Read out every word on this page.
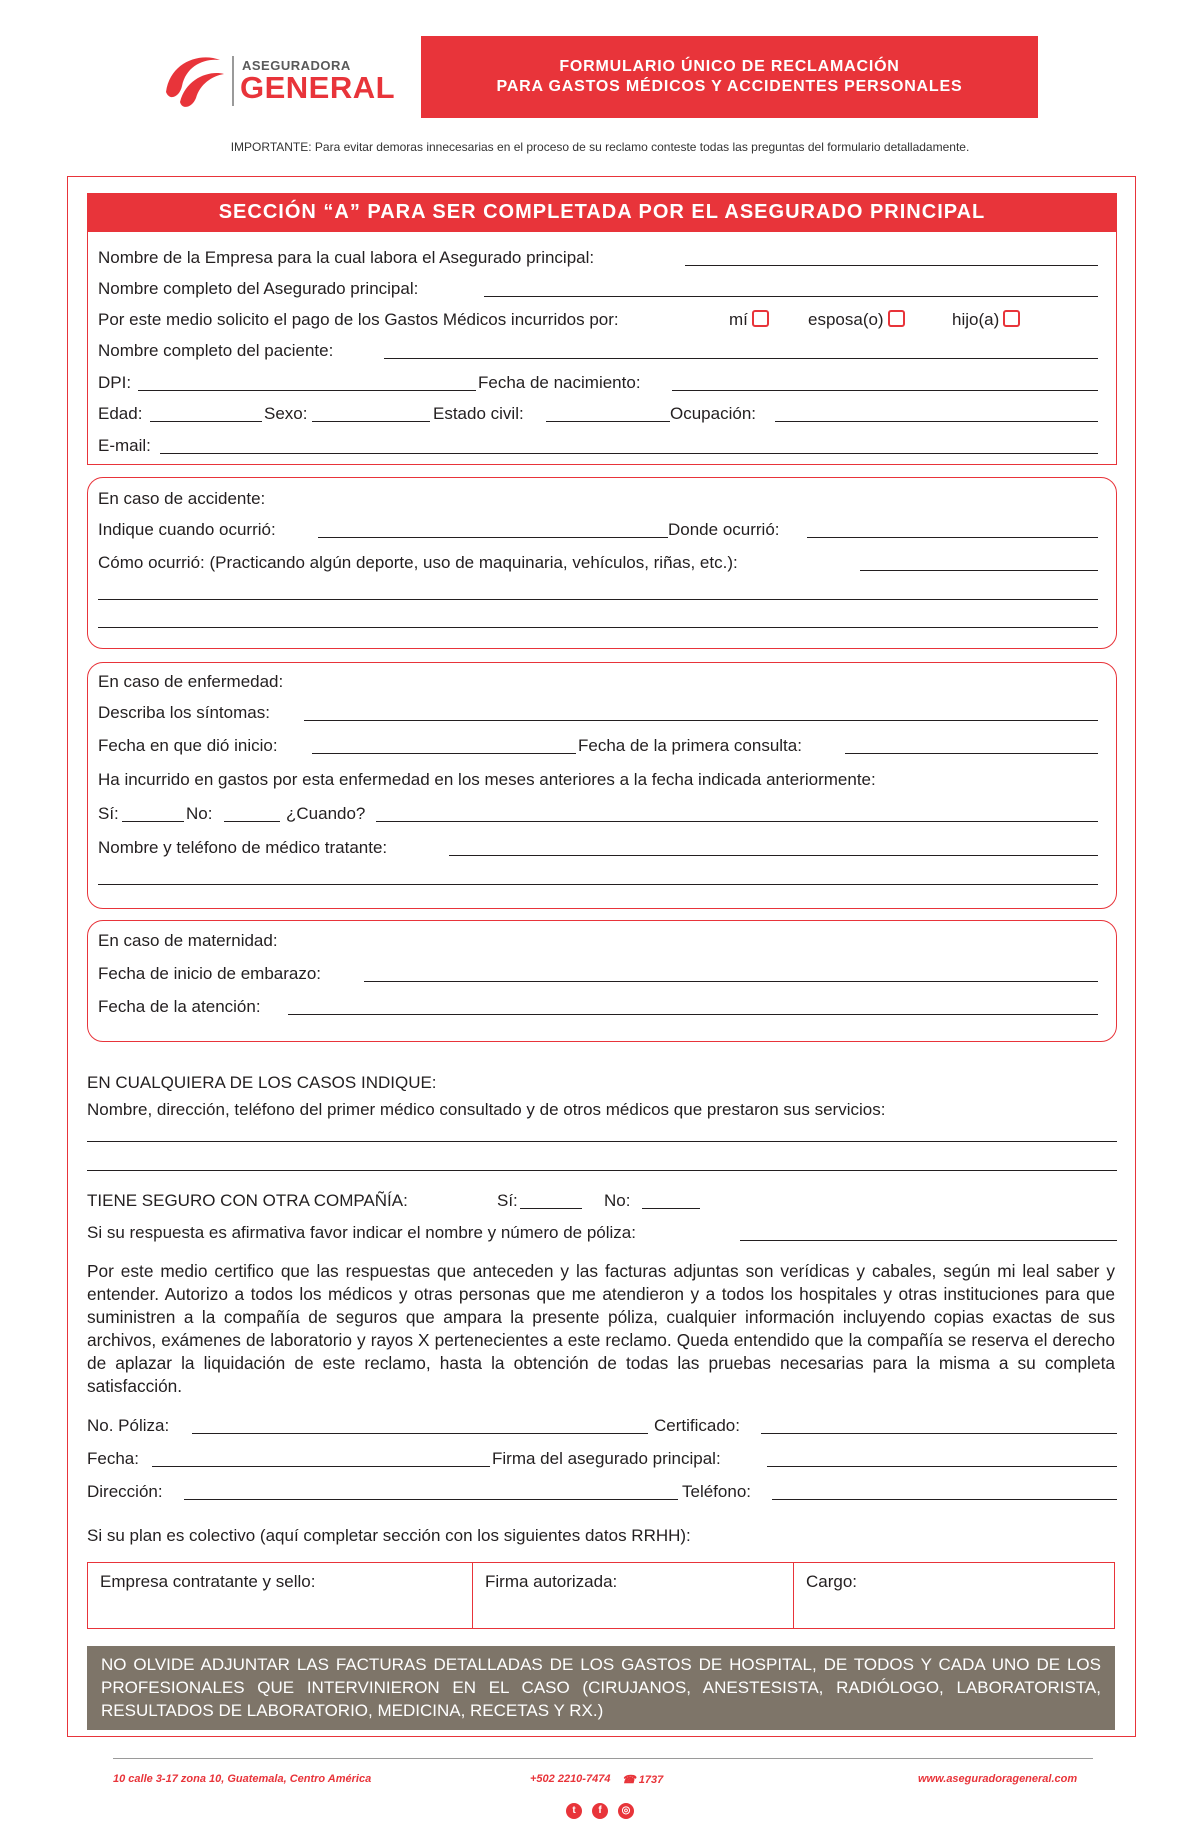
ASEGURADORA
GENERAL
FORMULARIO ÚNICO DE RECLAMACIÓN
PARA GASTOS MÉDICOS Y ACCIDENTES PERSONALES
IMPORTANTE: Para evitar demoras innecesarias en el proceso de su reclamo conteste todas las preguntas del formulario detalladamente.
SECCIÓN “A” PARA SER COMPLETADA POR EL ASEGURADO PRINCIPAL
Nombre de la Empresa para la cual labora el Asegurado principal:
Nombre completo del Asegurado principal:
Por este medio solicito el pago de los Gastos Médicos incurridos por:	mí	esposa(o)	hijo(a)
Nombre completo del paciente:
DPI:	Fecha de nacimiento:
Edad:	Sexo:	Estado civil:	Ocupación:
E-mail:
En caso de accidente:
Indique cuando ocurrió:	Donde ocurrió:
Cómo ocurrió: (Practicando algún deporte, uso de maquinaria, vehículos, riñas, etc.):
En caso de enfermedad:
Describa los síntomas:
Fecha en que dió inicio:	Fecha de la primera consulta:
Ha incurrido en gastos por esta enfermedad en los meses anteriores a la fecha indicada anteriormente:
Sí:	No:	¿Cuando?
Nombre y teléfono de médico tratante:
En caso de maternidad:
Fecha de inicio de embarazo:
Fecha de la atención:
EN CUALQUIERA DE LOS CASOS INDIQUE:
Nombre, dirección, teléfono del primer médico consultado y de otros médicos que prestaron sus servicios:
TIENE SEGURO CON OTRA COMPAÑÍA:	Sí:	No:
Si su respuesta es afirmativa favor indicar el nombre y número de póliza:
Por este medio certifico que las respuestas que anteceden y las facturas adjuntas son verídicas y cabales, según mi leal saber y entender. Autorizo a todos los médicos y otras personas que me atendieron y a todos los hospitales y otras instituciones para que suministren a la compañía de seguros que ampara la presente póliza, cualquier información incluyendo copias exactas de sus archivos, exámenes de laboratorio y rayos X pertenecientes a este reclamo. Queda entendido que la compañía se reserva el derecho de aplazar la liquidación de este reclamo, hasta la obtención de todas las pruebas necesarias para la misma a su completa satisfacción.
No. Póliza:	Certificado:
Fecha:	Firma del asegurado principal:
Dirección:	Teléfono:
Si su plan es colectivo (aquí completar sección con los siguientes datos RRHH):
Empresa contratante y sello:	Firma autorizada:	Cargo:
NO OLVIDE ADJUNTAR LAS FACTURAS DETALLADAS DE LOS GASTOS DE HOSPITAL, DE TODOS Y CADA UNO DE LOS PROFESIONALES QUE INTERVINIERON EN EL CASO (CIRUJANOS, ANESTESISTA, RADIÓLOGO, LABORATORISTA, RESULTADOS DE LABORATORIO, MEDICINA, RECETAS Y RX.)
10 calle 3-17 zona 10, Guatemala, Centro América	+502 2210-7474 ☎ 1737	www.aseguradorageneral.com
t	f	◎
